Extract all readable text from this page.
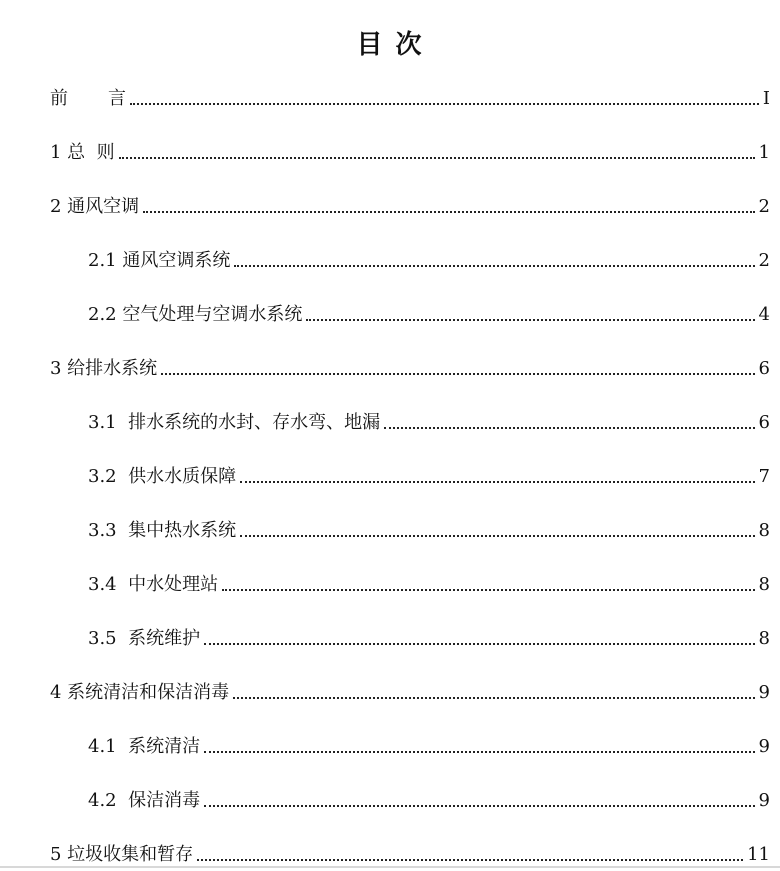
目 次
前       言	I
1 总  则	1
2 通风空调	2
2.1 通风空调系统	2
2.2 空气处理与空调水系统	4
3 给排水系统	6
3.1  排水系统的水封、存水弯、地漏	6
3.2  供水水质保障	7
3.3  集中热水系统	8
3.4  中水处理站	8
3.5  系统维护	8
4 系统清洁和保洁消毒	9
4.1  系统清洁	9
4.2  保洁消毒	9
5 垃圾收集和暂存	11
